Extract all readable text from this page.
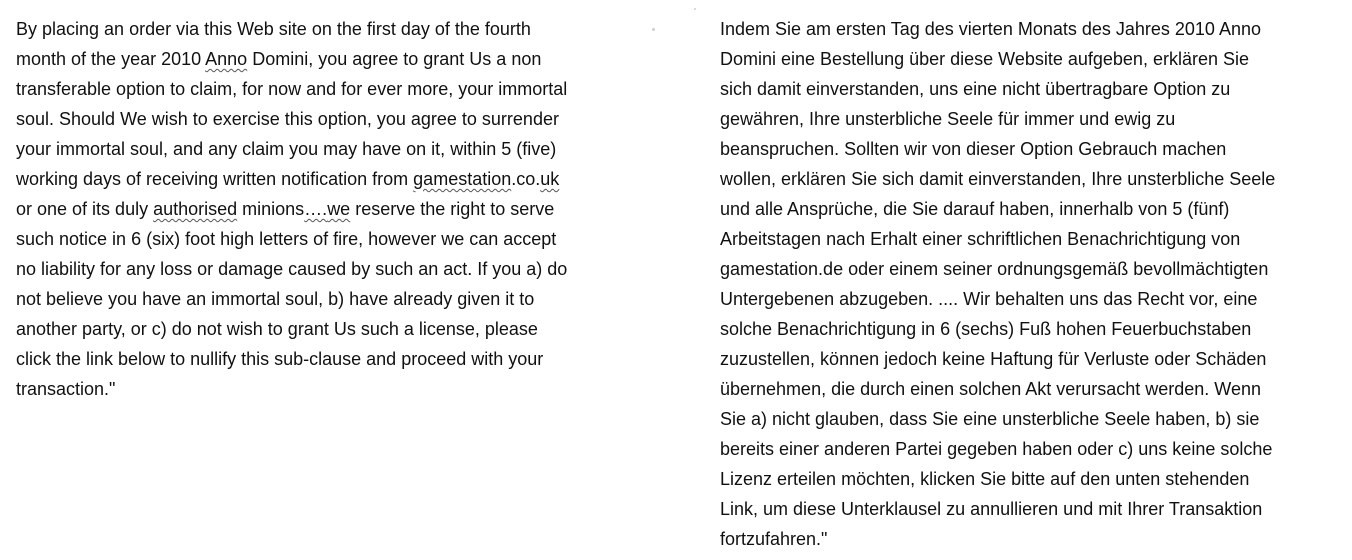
By placing an order via this Web site on the first day of the fourth
month of the year 2010 Anno Domini, you agree to grant Us a non
transferable option to claim, for now and for ever more, your immortal
soul. Should We wish to exercise this option, you agree to surrender
your immortal soul, and any claim you may have on it, within 5 (five)
working days of receiving written notification from gamestation.co.uk
or one of its duly authorised minions….we reserve the right to serve
such notice in 6 (six) foot high letters of fire, however we can accept
no liability for any loss or damage caused by such an act. If you a) do
not believe you have an immortal soul, b) have already given it to
another party, or c) do not wish to grant Us such a license, please
click the link below to nullify this sub-clause and proceed with your
transaction."
Indem Sie am ersten Tag des vierten Monats des Jahres 2010 Anno
Domini eine Bestellung über diese Website aufgeben, erklären Sie
sich damit einverstanden, uns eine nicht übertragbare Option zu
gewähren, Ihre unsterbliche Seele für immer und ewig zu
beanspruchen. Sollten wir von dieser Option Gebrauch machen
wollen, erklären Sie sich damit einverstanden, Ihre unsterbliche Seele
und alle Ansprüche, die Sie darauf haben, innerhalb von 5 (fünf)
Arbeitstagen nach Erhalt einer schriftlichen Benachrichtigung von
gamestation.de oder einem seiner ordnungsgemäß bevollmächtigten
Untergebenen abzugeben. .... Wir behalten uns das Recht vor, eine
solche Benachrichtigung in 6 (sechs) Fuß hohen Feuerbuchstaben
zuzustellen, können jedoch keine Haftung für Verluste oder Schäden
übernehmen, die durch einen solchen Akt verursacht werden. Wenn
Sie a) nicht glauben, dass Sie eine unsterbliche Seele haben, b) sie
bereits einer anderen Partei gegeben haben oder c) uns keine solche
Lizenz erteilen möchten, klicken Sie bitte auf den unten stehenden
Link, um diese Unterklausel zu annullieren und mit Ihrer Transaktion
fortzufahren."
